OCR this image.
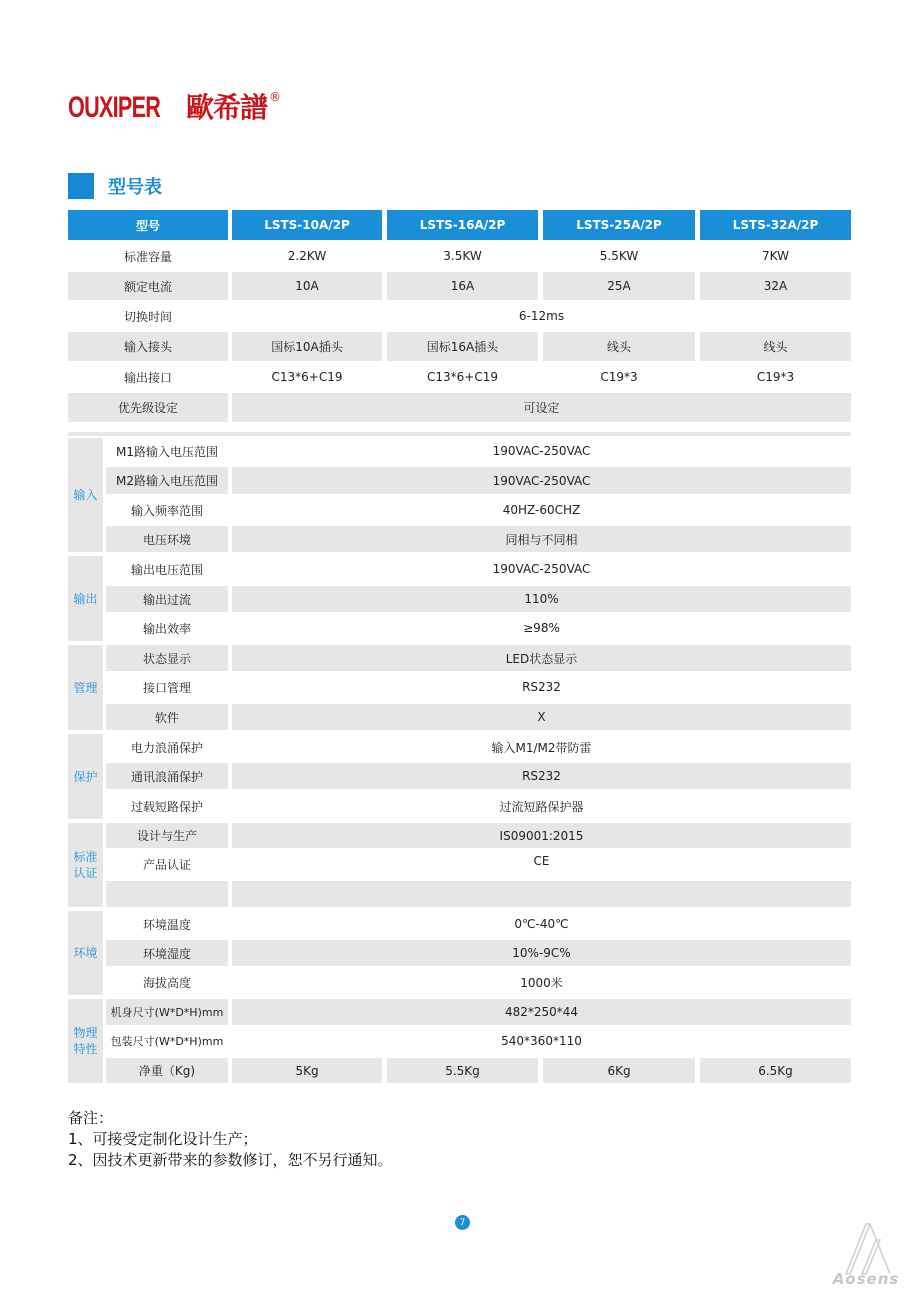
OUXIPER 歐希譜 ®
型号表
型号	LSTS-10A/2P	LSTS-16A/2P	LSTS-25A/2P	LSTS-32A/2P
标准容量	2.2KW	3.5KW	5.5KW	7KW
额定电流	10A	16A	25A	32A
切换时间	6-12ms
输入接头	国标10A插头	国标16A插头	线头	线头
输出接口	C13*6+C19	C13*6+C19	C19*3	C19*3
优先级设定	可设定
输入
M1路输入电压范围	190VAC-250VAC
M2路输入电压范围	190VAC-250VAC
输入频率范围	40HZ-60CHZ
电压环境	同相与不同相
输出
输出电压范围	190VAC-250VAC
输出过流	110%
输出效率	≥98%
管理
状态显示	LED状态显示
接口管理	RS232
软件	X
保护
电力浪涌保护	输入M1/M2带防雷
通讯浪涌保护	RS232
过载短路保护	过流短路保护器
标准
认证
设计与生产	IS09001:2015
产品认证	CE
环境
环境温度	0℃-40℃
环境湿度	10%-9C%
海拔高度	1000米
物理
特性
机身尺寸(W*D*H)mm	482*250*44
包装尺寸(W*D*H)mm	540*360*110
净重（Kg)	5Kg	5.5Kg	6Kg	6.5Kg
备注：
1、可接受定制化设计生产；
2、因技术更新带来的参数修订，恕不另行通知。
7
Aosens
